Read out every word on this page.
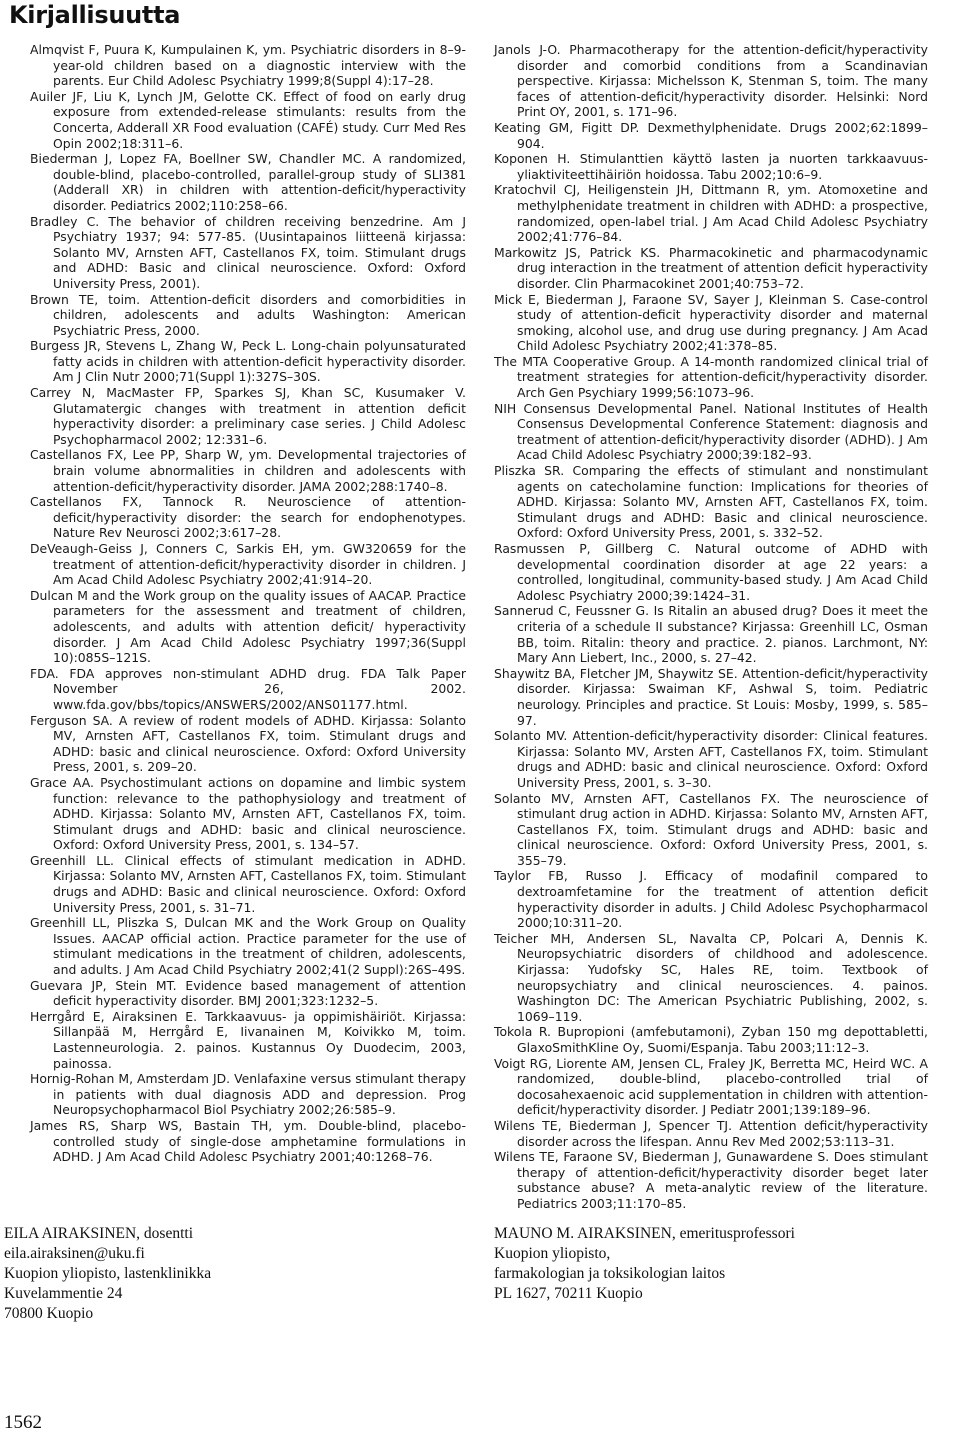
Kirjallisuutta

Almqvist F, Puura K, Kumpulainen K, ym. Psychiatric disorders in 8–9-year-old children based on a diagnostic interview with the parents. Eur Child Adolesc Psychiatry 1999;8(Suppl 4):17–28.

Auiler JF, Liu K, Lynch JM, Gelotte CK. Effect of food on early drug exposure from extended-release stimulants: results from the Concerta, Adderall XR Food evaluation (CAFÉ) study. Curr Med Res Opin 2002;18:311–6.

Biederman J, Lopez FA, Boellner SW, Chandler MC. A randomized, double-blind, placebo-controlled, parallel-group study of SLI381 (Adderall XR) in children with attention-deficit/hyperactivity disorder. Pediatrics 2002;110:258–66.

Bradley C. The behavior of children receiving benzedrine. Am J Psychiatry 1937; 94: 577-85. (Uusintapainos liitteenä kirjassa: Solanto MV, Arnsten AFT, Castellanos FX, toim. Stimulant drugs and ADHD: Basic and clinical neuroscience. Oxford: Oxford University Press, 2001).

Brown TE, toim. Attention-deficit disorders and comorbidities in children, adolescents and adults Washington: American Psychiatric Press, 2000.

Burgess JR, Stevens L, Zhang W, Peck L. Long-chain polyunsaturated fatty acids in children with attention-deficit hyperactivity disorder. Am J Clin Nutr 2000;71(Suppl 1):327S–30S.

Carrey N, MacMaster FP, Sparkes SJ, Khan SC, Kusumaker V. Glutamatergic changes with treatment in attention deficit hyperactivity disorder: a preliminary case series. J Child Adolesc Psychopharmacol 2002; 12:331–6.

Castellanos FX, Lee PP, Sharp W, ym. Developmental trajectories of brain volume abnormalities in children and adolescents with attention-deficit/hyperactivity disorder. JAMA 2002;288:1740–8.

Castellanos FX, Tannock R. Neuroscience of attention-deficit/hyperactivity disorder: the search for endophenotypes. Nature Rev Neurosci 2002;3:617–28.

DeVeaugh-Geiss J, Conners C, Sarkis EH, ym. GW320659 for the treatment of attention-deficit/hyperactivity disorder in children. J Am Acad Child Adolesc Psychiatry 2002;41:914–20.

Dulcan M and the Work group on the quality issues of AACAP. Practice parameters for the assessment and treatment of children, adolescents, and adults with attention deficit/ hyperactivity disorder. J Am Acad Child Adolesc Psychiatry 1997;36(Suppl 10):085S–121S.

FDA. FDA approves non-stimulant ADHD drug. FDA Talk Paper November 26, 2002. www.fda.gov/bbs/topics/ANSWERS/2002/ANS01177.html.

Ferguson SA. A review of rodent models of ADHD. Kirjassa: Solanto MV, Arnsten AFT, Castellanos FX, toim. Stimulant drugs and ADHD: basic and clinical neuroscience. Oxford: Oxford University Press, 2001, s. 209–20.

Grace AA. Psychostimulant actions on dopamine and limbic system function: relevance to the pathophysiology and treatment of ADHD. Kirjassa: Solanto MV, Arnsten AFT, Castellanos FX, toim. Stimulant drugs and ADHD: basic and clinical neuroscience. Oxford: Oxford University Press, 2001, s. 134–57.

Greenhill LL. Clinical effects of stimulant medication in ADHD. Kirjassa: Solanto MV, Arnsten AFT, Castellanos FX, toim. Stimulant drugs and ADHD: Basic and clinical neuroscience. Oxford: Oxford University Press, 2001, s. 31–71.

Greenhill LL, Pliszka S, Dulcan MK and the Work Group on Quality Issues. AACAP official action. Practice parameter for the use of stimulant medications in the treatment of children, adolescents, and adults. J Am Acad Child Psychiatry 2002;41(2 Suppl):26S–49S.

Guevara JP, Stein MT. Evidence based management of attention deficit hyperactivity disorder. BMJ 2001;323:1232–5.

Herrgård E, Airaksinen E. Tarkkaavuus- ja oppimishäiriöt. Kirjassa: Sillanpää M, Herrgård E, Iivanainen M, Koivikko M, toim. Lastenneurologia. 2. painos. Kustannus Oy Duodecim, 2003, painossa.

Hornig-Rohan M, Amsterdam JD. Venlafaxine versus stimulant therapy in patients with dual diagnosis ADD and depression. Prog Neuropsychopharmacol Biol Psychiatry 2002;26:585–9.

James RS, Sharp WS, Bastain TH, ym. Double-blind, placebo-controlled study of single-dose amphetamine formulations in ADHD. J Am Acad Child Adolesc Psychiatry 2001;40:1268–76.

Janols J-O. Pharmacotherapy for the attention-deficit/hyperactivity disorder and comorbid conditions from a Scandinavian perspective. Kirjassa: Michelsson K, Stenman S, toim. The many faces of attention-deficit/hyperactivity disorder. Helsinki: Nord Print OY, 2001, s. 171–96.

Keating GM, Figitt DP. Dexmethylphenidate. Drugs 2002;62:1899–904.

Koponen H. Stimulanttien käyttö lasten ja nuorten tarkkaavuus-yliaktiviteettihäiriön hoidossa. Tabu 2002;10:6–9.

Kratochvil CJ, Heiligenstein JH, Dittmann R, ym. Atomoxetine and methylphenidate treatment in children with ADHD: a prospective, randomized, open-label trial. J Am Acad Child Adolesc Psychiatry 2002;41:776–84.

Markowitz JS, Patrick KS. Pharmacokinetic and pharmacodynamic drug interaction in the treatment of attention deficit hyperactivity disorder. Clin Pharmacokinet 2001;40:753–72.

Mick E, Biederman J, Faraone SV, Sayer J, Kleinman S. Case-control study of attention-deficit hyperactivity disorder and maternal smoking, alcohol use, and drug use during pregnancy. J Am Acad Child Adolesc Psychiatry 2002;41:378–85.

The MTA Cooperative Group. A 14-month randomized clinical trial of treatment strategies for attention-deficit/hyperactivity disorder. Arch Gen Psychiary 1999;56:1073–96.

NIH Consensus Developmental Panel. National Institutes of Health Consensus Developmental Conference Statement: diagnosis and treatment of attention-deficit/hyperactivity disorder (ADHD). J Am Acad Child Adolesc Psychiatry 2000;39:182–93.

Pliszka SR. Comparing the effects of stimulant and nonstimulant agents on catecholamine function: Implications for theories of ADHD. Kirjassa: Solanto MV, Arnsten AFT, Castellanos FX, toim. Stimulant drugs and ADHD: Basic and clinical neuroscience. Oxford: Oxford University Press, 2001, s. 332–52.

Rasmussen P, Gillberg C. Natural outcome of ADHD with developmental coordination disorder at age 22 years: a controlled, longitudinal, community-based study. J Am Acad Child Adolesc Psychiatry 2000;39:1424–31.

Sannerud C, Feussner G. Is Ritalin an abused drug? Does it meet the criteria of a schedule II substance? Kirjassa: Greenhill LC, Osman BB, toim. Ritalin: theory and practice. 2. pianos. Larchmont, NY: Mary Ann Liebert, Inc., 2000, s. 27–42.

Shaywitz BA, Fletcher JM, Shaywitz SE. Attention-deficit/hyperactivity disorder. Kirjassa: Swaiman KF, Ashwal S, toim. Pediatric neurology. Principles and practice. St Louis: Mosby, 1999, s. 585–97.

Solanto MV. Attention-deficit/hyperactivity disorder: Clinical features. Kirjassa: Solanto MV, Arsten AFT, Castellanos FX, toim. Stimulant drugs and ADHD: basic and clinical neuroscience. Oxford: Oxford University Press, 2001, s. 3–30.

Solanto MV, Arnsten AFT, Castellanos FX. The neuroscience of stimulant drug action in ADHD. Kirjassa: Solanto MV, Arnsten AFT, Castellanos FX, toim. Stimulant drugs and ADHD: basic and clinical neuroscience. Oxford: Oxford University Press, 2001, s. 355–79.

Taylor FB, Russo J. Efficacy of modafinil compared to dextroamfetamine for the treatment of attention deficit hyperactivity disorder in adults. J Child Adolesc Psychopharmacol 2000;10:311–20.

Teicher MH, Andersen SL, Navalta CP, Polcari A, Dennis K. Neuropsychiatric disorders of childhood and adolescence. Kirjassa: Yudofsky SC, Hales RE, toim. Textbook of neuropsychiatry and clinical neurosciences. 4. painos. Washington DC: The American Psychiatric Publishing, 2002, s. 1069–119.

Tokola R. Bupropioni (amfebutamoni), Zyban 150 mg depottabletti, GlaxoSmithKline Oy, Suomi/Espanja. Tabu 2003;11:12–3.

Voigt RG, Liorente AM, Jensen CL, Fraley JK, Berretta MC, Heird WC. A randomized, double-blind, placebo-controlled trial of docosahexaenoic acid supplementation in children with attention-deficit/hyperactivity disorder. J Pediatr 2001;139:189–96.

Wilens TE, Biederman J, Spencer TJ. Attention deficit/hyperactivity disorder across the lifespan. Annu Rev Med 2002;53:113–31.

Wilens TE, Faraone SV, Biederman J, Gunawardene S. Does stimulant therapy of attention-deficit/hyperactivity disorder beget later substance abuse? A meta-analytic review of the literature. Pediatrics 2003;11:170–85.

EILA AIRAKSINEN, dosentti
eila.airaksinen@uku.fi
Kuopion yliopisto, lastenklinikka
Kuvelammentie 24
70800 Kuopio
MAUNO M. AIRAKSINEN, emeritusprofessori
Kuopion yliopisto,
farmakologian ja toksikologian laitos
PL 1627, 70211 Kuopio
1562
